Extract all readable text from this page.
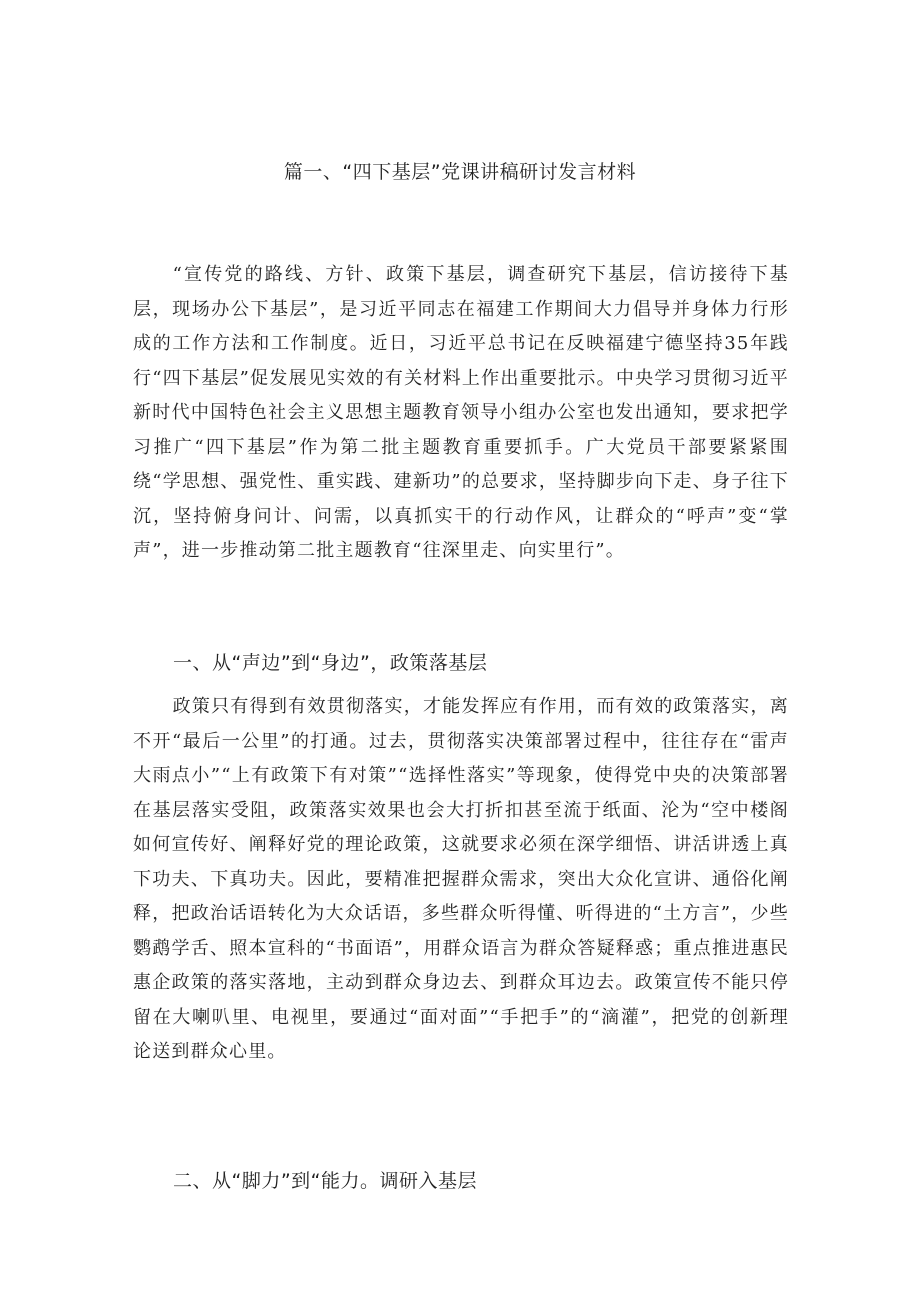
篇一、“四下基层”党课讲稿研讨发言材料

“宣传党的路线、方针、政策下基层，调查研究下基层，信访接待下基层，现场办公下基层”，是习近平同志在福建工作期间大力倡导并身体力行形成的工作方法和工作制度。近日，习近平总书记在反映福建宁德坚持35年践行“四下基层”促发展见实效的有关材料上作出重要批示。中央学习贯彻习近平新时代中国特色社会主义思想主题教育领导小组办公室也发出通知，要求把学习推广“四下基层”作为第二批主题教育重要抓手。广大党员干部要紧紧围绕“学思想、强党性、重实践、建新功”的总要求，坚持脚步向下走、身子往下沉，坚持俯身问计、问需，以真抓实干的行动作风，让群众的“呼声”变“掌声”，进一步推动第二批主题教育“往深里走、向实里行”。

一、从“声边”到“身边”，政策落基层

政策只有得到有效贯彻落实，才能发挥应有作用，而有效的政策落实，离不开“最后一公里”的打通。过去，贯彻落实决策部署过程中，往往存在“雷声大雨点小”“上有政策下有对策”“选择性落实”等现象，使得党中央的决策部署在基层落实受阻，政策落实效果也会大打折扣甚至流于纸面、沦为“空中楼阁如何宣传好、阐释好党的理论政策，这就要求必须在深学细悟、讲活讲透上真下功夫、下真功夫。因此，要精准把握群众需求，突出大众化宣讲、通俗化阐释，把政治话语转化为大众话语，多些群众听得懂、听得进的“土方言”，少些鹦鹉学舌、照本宣科的“书面语”，用群众语言为群众答疑释惑；重点推进惠民惠企政策的落实落地，主动到群众身边去、到群众耳边去。政策宣传不能只停留在大喇叭里、电视里，要通过“面对面”“手把手”的“滴灌”，把党的创新理论送到群众心里。

二、从“脚力”到“能力。调研入基层
